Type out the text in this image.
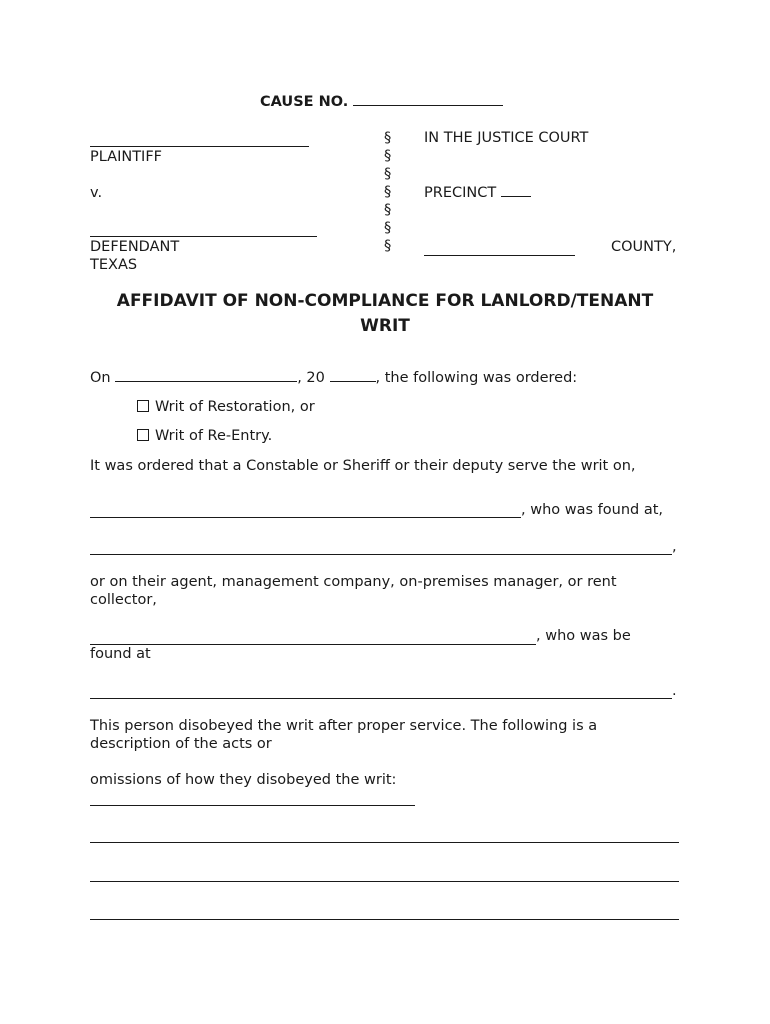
CAUSE NO.
PLAINTIFF
v.
DEFENDANT
TEXAS
§
§
§
§
§
§
§
IN THE JUSTICE COURT
PRECINCT
COUNTY,
AFFIDAVIT OF NON-COMPLIANCE FOR LANLORD/TENANT
WRIT
On	, 20	, the following was ordered:
Writ of Restoration, or
Writ of Re-Entry.
It was ordered that a Constable or Sheriff or their deputy serve the writ on,
, who was found at,
,
or on their agent, management company, on-premises manager, or rent
collector,
, who was be
found at
.
This person disobeyed the writ after proper service. The following is a
description of the acts or
omissions of how they disobeyed the writ:
